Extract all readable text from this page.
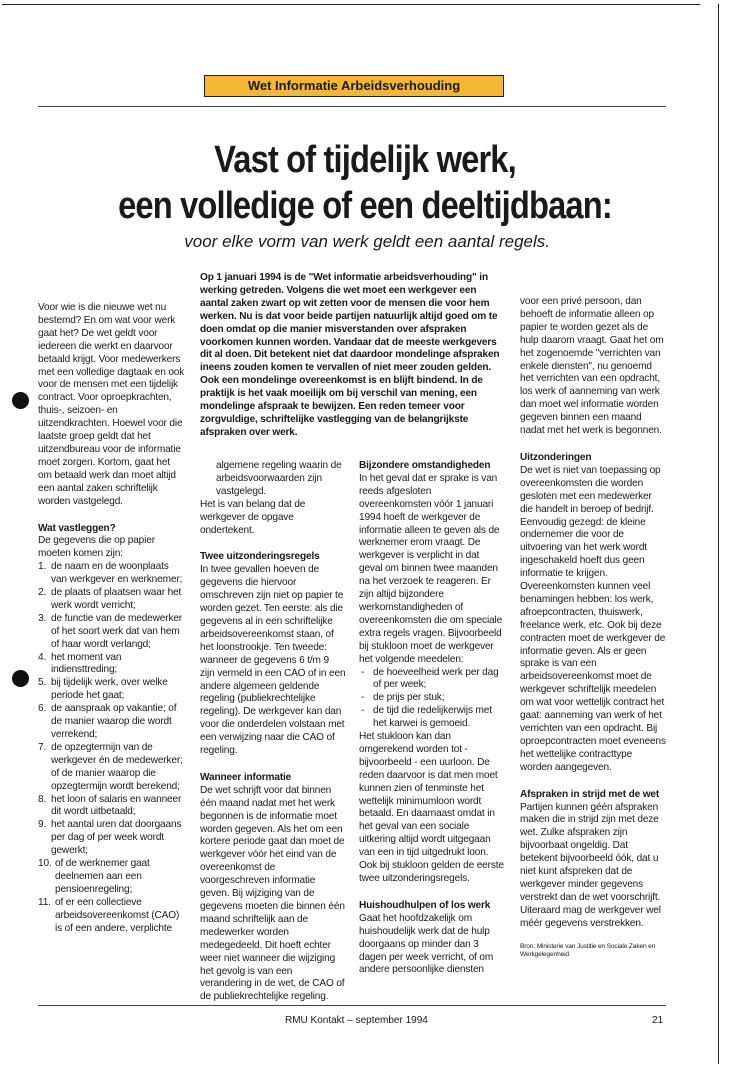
Wet Informatie Arbeidsverhouding
Vast of tijdelijk werk,
een volledige of een deeltijdbaan:
voor elke vorm van werk geldt een aantal regels.
Op 1 januari 1994 is de "Wet informatie arbeidsverhouding" in werking getreden. Volgens die wet moet een werkgever een aantal zaken zwart op wit zetten voor de mensen die voor hem werken. Nu is dat voor beide partijen natuurlijk altijd goed om te doen omdat op die manier misverstanden over afspraken voorkomen kunnen worden. Vandaar dat de meeste werkgevers dit al doen. Dit betekent niet dat daardoor mondelinge afspraken ineens zouden komen te vervallen of niet meer zouden gelden. Ook een mondelinge overeenkomst is en blijft bindend. In de praktijk is het vaak moeilijk om bij verschil van mening, een mondelinge afspraak te bewijzen. Een reden temeer voor zorgvuldige, schriftelijke vastlegging van de belangrijkste afspraken over werk.

Voor wie is die nieuwe wet nu bestemd? En om wat voor werk gaat het? De wet geldt voor iedereen die werkt en daarvoor betaald krijgt. Voor medewerkers met een volledige dagtaak en ook voor de mensen met een tijdelijk contract. Voor oproepkrachten, thuis-, seizoen- en uitzendkrachten. Hoewel voor die laatste groep geldt dat het uitzendbureau voor de informatie moet zorgen. Kortom, gaat het om betaald werk dan moet altijd een aantal zaken schriftelijk worden vastgelegd.

Wat vastleggen?

De gegevens die op papier moeten komen zijn:

1. de naam en de woonplaats van werkgever en werknemer;
2. de plaats of plaatsen waar het werk wordt verricht;
3. de functie van de medewerker of het soort werk dat van hem of haar wordt verlangd;
4. het moment van indiensttreding;
5. bij tijdelijk werk, over welke periode het gaat;
6. de aanspraak op vakantie; of de manier waarop die wordt verrekend;
7. de opzegtermijn van de werkgever én de medewerker; of de manier waarop die opzegtermijn wordt berekend;
8. het loon of salaris en wanneer dit wordt uitbetaald;
9. het aantal uren dat doorgaans per dag of per week wordt gewerkt;
10. of de werknemer gaat deelnemen aan een pensioenregeling;
11. of er een collectieve arbeidsovereenkomst (CAO) is of een andere, verplichte

algemene regeling waarin de arbeidsvoorwaarden zijn vastgelegd.

Het is van belang dat de werkgever de opgave ondertekent.

Twee uitzonderingsregels

In twee gevallen hoeven de gegevens die hiervoor omschreven zijn niet op papier te worden gezet. Ten eerste: als die gegevens al in een schriftelijke arbeidsovereenkomst staan, of het loonstrookje. Ten tweede: wanneer de gegevens 6 t/m 9 zijn vermeld in een CAO of in een andere algemeen geldende regeling (publiekrechtelijke regeling). De werkgever kan dan voor die onderdelen volstaan met een verwijzing naar die CAO of regeling.

Wanneer informatie

De wet schrijft voor dat binnen één maand nadat met het werk begonnen is de informatie moet worden gegeven. Als het om een kortere periode gaat dan moet de werkgever vóór het eind van de overeenkomst de voorgeschreven informatie geven. Bij wijziging van de gegevens moeten die binnen één maand schriftelijk aan de medewerker worden medegedeeld. Dit hoeft echter weer niet wanneer die wijziging het gevolg is van een verandering in de wet, de CAO of de publiekrechtelijke regeling.

Bijzondere omstandigheden

In het geval dat er sprake is van reeds afgesloten overeenkomsten vóór 1 januari 1994 hoeft de werkgever de informatie alleen te geven als de werknemer erom vraagt. De werkgever is verplicht in dat geval om binnen twee maanden na het verzoek te reageren. Er zijn altijd bijzondere werkomstandigheden of overeenkomsten die om speciale extra regels vragen. Bijvoorbeeld bij stukloon moet de werkgever het volgende meedelen:

- de hoeveelheid werk per dag of per week;
- de prijs per stuk;
- de tijd die redelijkerwijs met het karwei is gemoeid.

Het stukloon kan dan omgerekend worden tot - bijvoorbeeld - een uurloon. De reden daarvoor is dat men moet kunnen zien of tenminste het wettelijk minimumloon wordt betaald. En daarnaast omdat in het geval van een sociale uitkering altijd wordt uitgegaan van een in tijd uitgedrukt loon. Ook bij stukloon gelden de eerste twee uitzonderingsregels.

Huishoudhulpen of los werk

Gaat het hoofdzakelijk om huishoudelijk werk dat de hulp doorgaans op minder dan 3 dagen per week verricht, of om andere persoonlijke diensten

voor een privé persoon, dan behoeft de informatie alleen op papier te worden gezet als de hulp daarom vraagt. Gaat het om het zogenoemde "verrichten van enkele diensten", nu genoemd het verrichten van een opdracht, los werk of aanneming van werk dan moet wel informatie worden gegeven binnen een maand nadat met het werk is begonnen.

Uitzonderingen

De wet is niet van toepassing op overeenkomsten die worden gesloten met een medewerker die handelt in beroep of bedrijf. Eenvoudig gezegd: de kleine ondernemer die voor de uitvoering van het werk wordt ingeschakeld hoeft dus geen informatie te krijgen. Overeenkomsten kunnen veel benamingen hebben: los werk, afroepcontracten, thuiswerk, freelance werk, etc. Ook bij deze contracten moet de werkgever de informatie geven. Als er geen sprake is van een arbeidsovereenkomst moet de werkgever schriftelijk meedelen om wat voor wettelijk contract het gaat: aanneming van werk of het verrichten van een opdracht. Bij oproepcontracten moet eveneens het wettelijke contracttype worden aangegeven.

Afspraken in strijd met de wet

Partijen kunnen géén afspraken maken die in strijd zijn met deze wet. Zulke afspraken zijn bijvoorbaat ongeldig. Dat betekent bijvoorbeeld óók, dat u niet kunt afspreken dat de werkgever minder gegevens verstrekt dan de wet voorschrijft. Uiteraard mag de werkgever wel méér gegevens verstrekken.

Bron: Ministerie van Justitie en Sociale Zaken en Werkgelegenheid.

RMU Kontakt – september 1994	21
